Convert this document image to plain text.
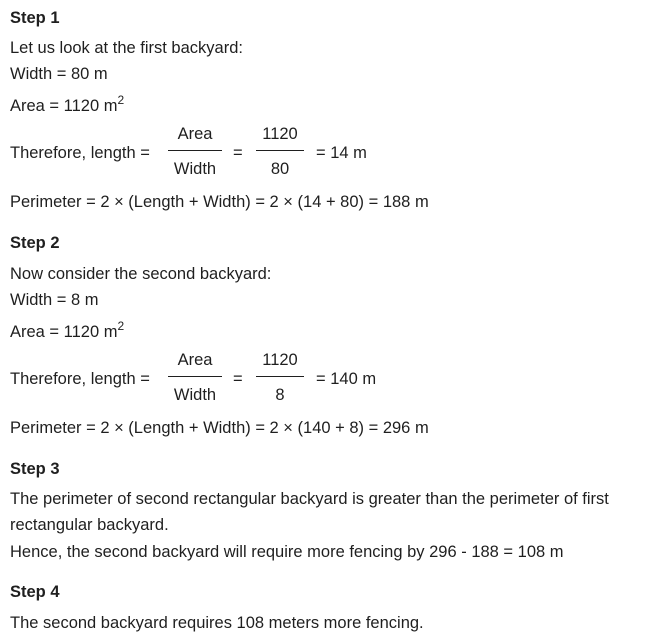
Step 1
Let us look at the first backyard:
Width = 80 m
Area = 1120 $m^2$
Therefore, length =
Area
Width
=
1120
80
= 14 m
Perimeter = 2 × (Length + Width) = 2 × (14 + 80) = 188 m
Step 2
Now consider the second backyard:
Width = 8 m
Area = 1120 $m^2$
Therefore, length =
Area
Width
=
1120
8
= 140 m
Perimeter = 2 × (Length + Width) = 2 × (140 + 8) = 296 m
Step 3
The perimeter of second rectangular backyard is greater than the perimeter of first
rectangular backyard.
Hence, the second backyard will require more fencing by 296 - 188 = 108 m
Step 4
The second backyard requires 108 meters more fencing.
